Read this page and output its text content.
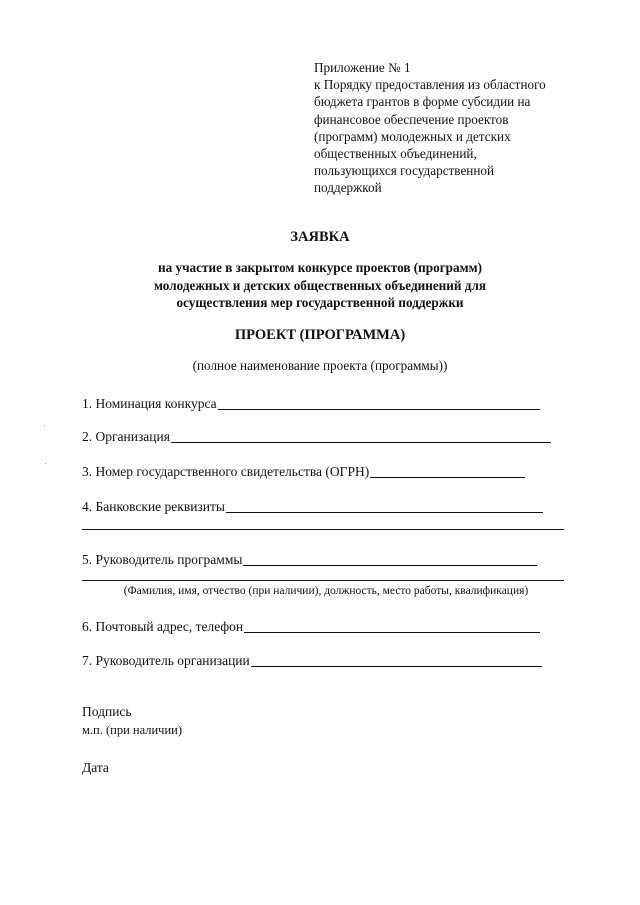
Приложение № 1
к Порядку предоставления из областного
бюджета грантов в форме субсидии на
финансовое обеспечение проектов
(программ) молодежных и детских
общественных объединений,
пользующихся государственной
поддержкой
ЗАЯВКА
на участие в закрытом конкурсе проектов (программ)
молодежных и детских общественных объединений для
осуществления мер государственной поддержки
ПРОЕКТ (ПРОГРАММА)
(полное наименование проекта (программы))
1. Номинация конкурса
2. Организация
3. Номер государственного свидетельства (ОГРН)
4. Банковские реквизиты
5. Руководитель программы
(Фамилия, имя, отчество (при наличии), должность, место работы, квалификация)
6. Почтовый адрес, телефон
7. Руководитель организации
Подпись
м.п. (при наличии)
Дата
